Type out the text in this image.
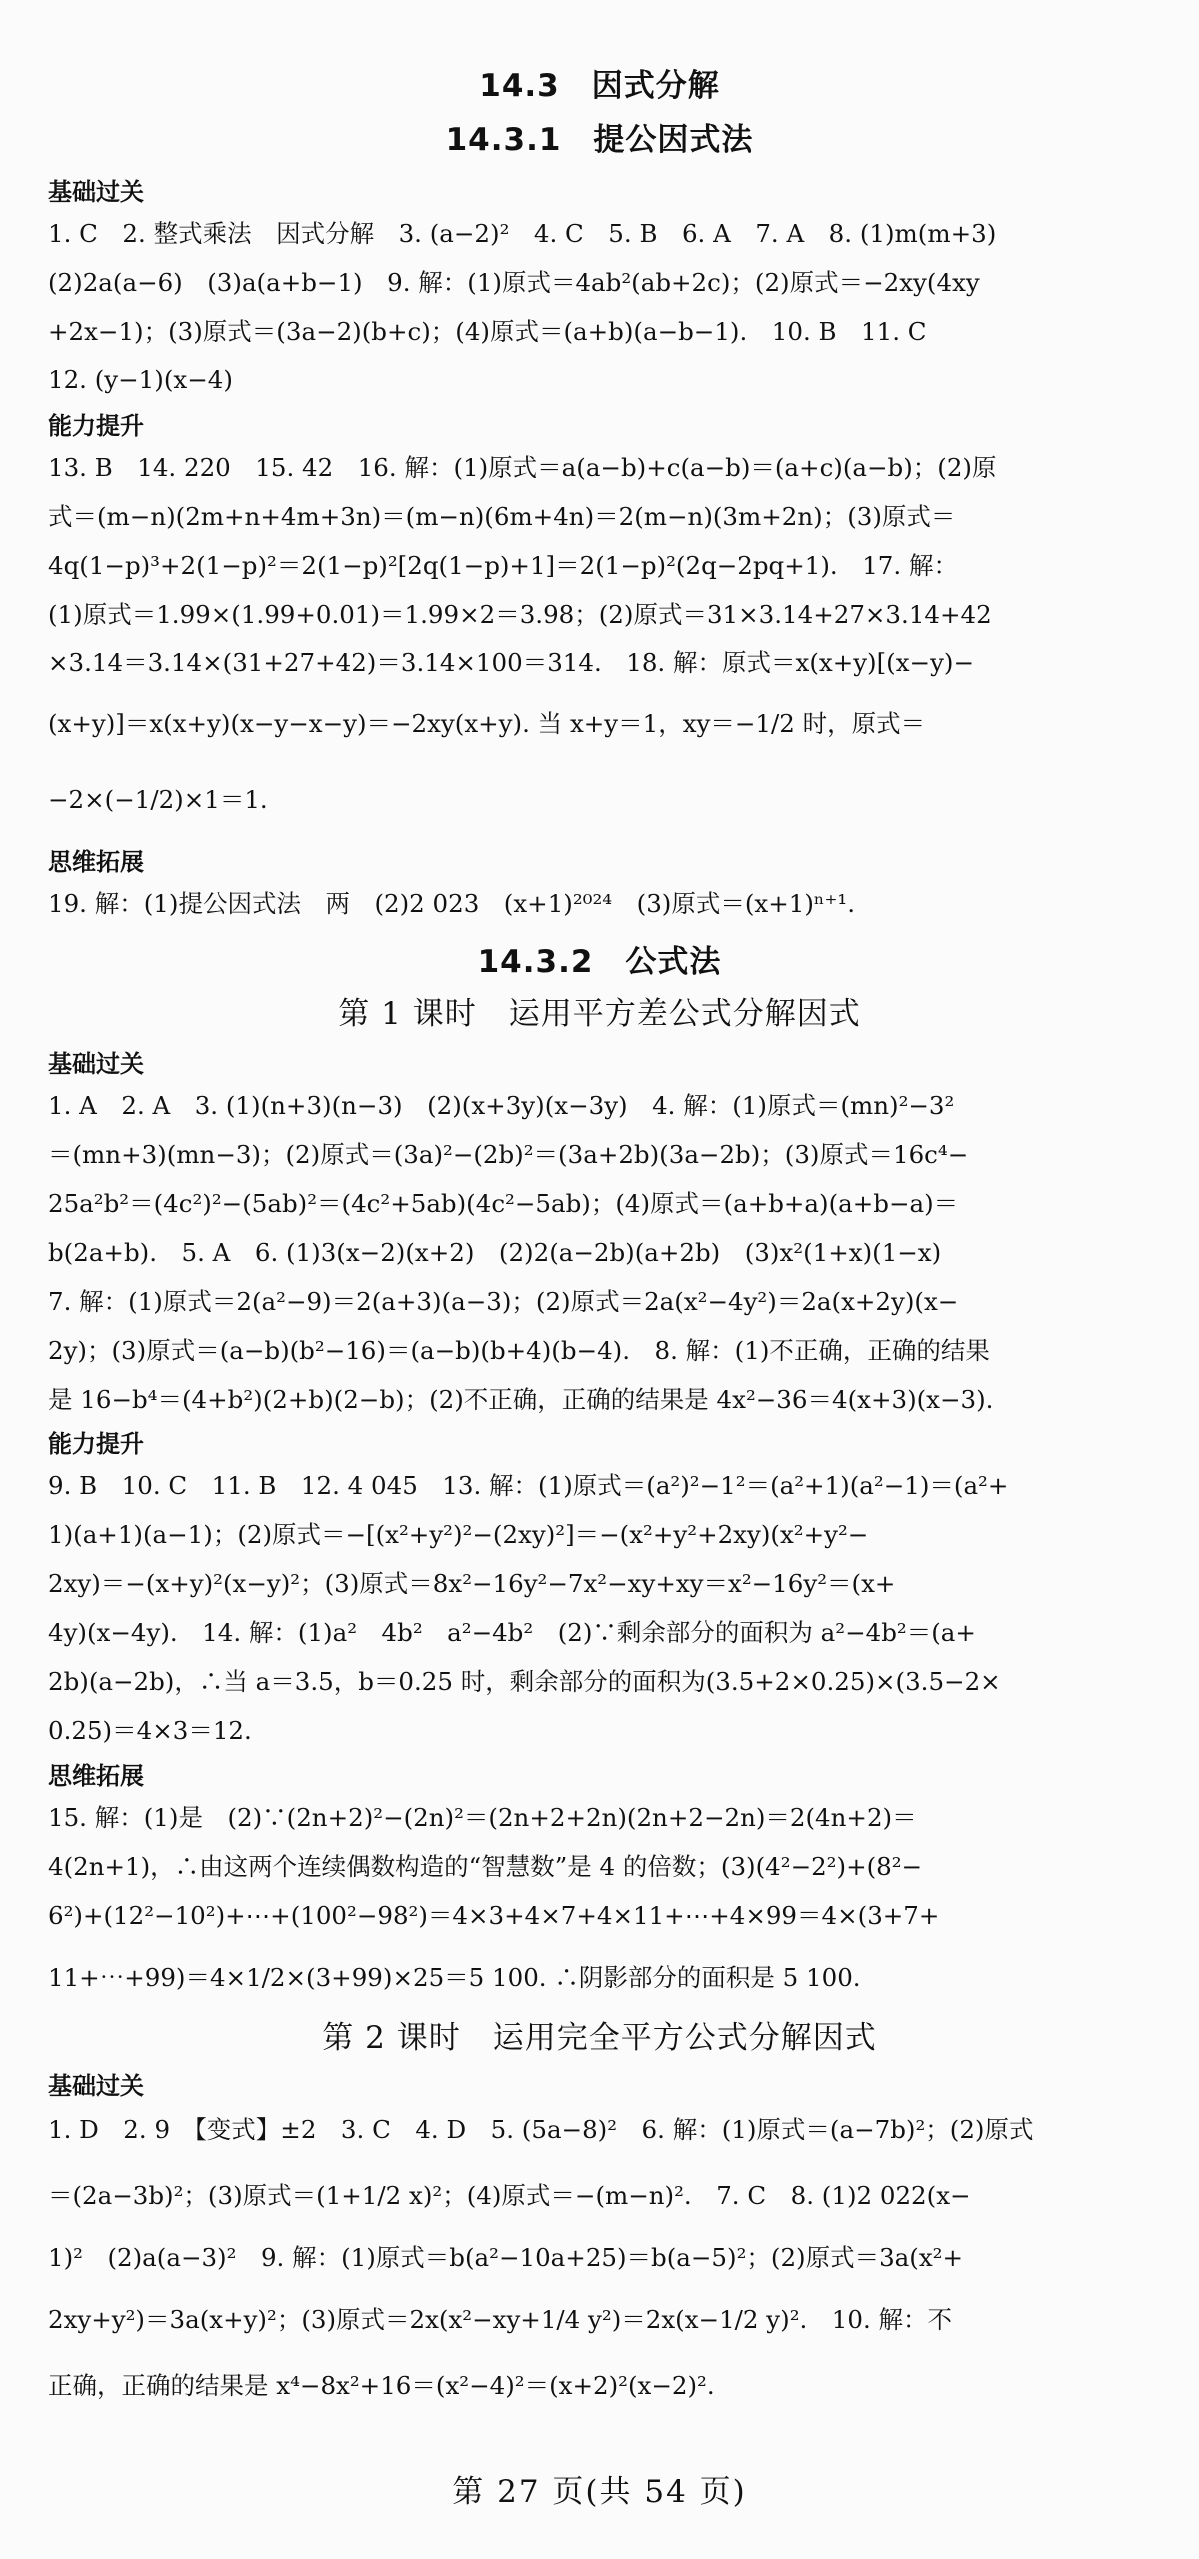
14.3　因式分解
14.3.1　提公因式法
基础过关
1. C　2. 整式乘法　因式分解　3. (a−2)²　4. C　5. B　6. A　7. A　8. (1)m(m+3)
(2)2a(a−6)　(3)a(a+b−1)　9. 解：(1)原式＝4ab²(ab+2c)；(2)原式＝−2xy(4xy
+2x−1)；(3)原式＝(3a−2)(b+c)；(4)原式＝(a+b)(a−b−1).　10. B　11. C
12. (y−1)(x−4)
能力提升
13. B　14. 220　15. 42　16. 解：(1)原式＝a(a−b)+c(a−b)＝(a+c)(a−b)；(2)原
式＝(m−n)(2m+n+4m+3n)＝(m−n)(6m+4n)＝2(m−n)(3m+2n)；(3)原式＝
4q(1−p)³+2(1−p)²＝2(1−p)²[2q(1−p)+1]＝2(1−p)²(2q−2pq+1).　17. 解：
(1)原式＝1.99×(1.99+0.01)＝1.99×2＝3.98；(2)原式＝31×3.14+27×3.14+42
×3.14＝3.14×(31+27+42)＝3.14×100＝314.　18. 解：原式＝x(x+y)[(x−y)−
(x+y)]＝x(x+y)(x−y−x−y)＝−2xy(x+y). 当 x+y＝1，xy＝−1/2 时，原式＝
−2×(−1/2)×1＝1.
思维拓展
19. 解：(1)提公因式法　两　(2)2 023　(x+1)²⁰²⁴　(3)原式＝(x+1)ⁿ⁺¹.
14.3.2　公式法
第 1 课时　运用平方差公式分解因式
基础过关
1. A　2. A　3. (1)(n+3)(n−3)　(2)(x+3y)(x−3y)　4. 解：(1)原式＝(mn)²−3²
＝(mn+3)(mn−3)；(2)原式＝(3a)²−(2b)²＝(3a+2b)(3a−2b)；(3)原式＝16c⁴−
25a²b²＝(4c²)²−(5ab)²＝(4c²+5ab)(4c²−5ab)；(4)原式＝(a+b+a)(a+b−a)＝
b(2a+b).　5. A　6. (1)3(x−2)(x+2)　(2)2(a−2b)(a+2b)　(3)x²(1+x)(1−x)
7. 解：(1)原式＝2(a²−9)＝2(a+3)(a−3)；(2)原式＝2a(x²−4y²)＝2a(x+2y)(x−
2y)；(3)原式＝(a−b)(b²−16)＝(a−b)(b+4)(b−4).　8. 解：(1)不正确，正确的结果
是 16−b⁴＝(4+b²)(2+b)(2−b)；(2)不正确，正确的结果是 4x²−36＝4(x+3)(x−3).
能力提升
9. B　10. C　11. B　12. 4 045　13. 解：(1)原式＝(a²)²−1²＝(a²+1)(a²−1)＝(a²+
1)(a+1)(a−1)；(2)原式＝−[(x²+y²)²−(2xy)²]＝−(x²+y²+2xy)(x²+y²−
2xy)＝−(x+y)²(x−y)²；(3)原式＝8x²−16y²−7x²−xy+xy＝x²−16y²＝(x+
4y)(x−4y).　14. 解：(1)a²　4b²　a²−4b²　(2)∵剩余部分的面积为 a²−4b²＝(a+
2b)(a−2b)，∴当 a＝3.5，b＝0.25 时，剩余部分的面积为(3.5+2×0.25)×(3.5−2×
0.25)＝4×3＝12.
思维拓展
15. 解：(1)是　(2)∵(2n+2)²−(2n)²＝(2n+2+2n)(2n+2−2n)＝2(4n+2)＝
4(2n+1)，∴由这两个连续偶数构造的“智慧数”是 4 的倍数；(3)(4²−2²)+(8²−
6²)+(12²−10²)+⋯+(100²−98²)＝4×3+4×7+4×11+⋯+4×99＝4×(3+7+
11+⋯+99)＝4×1/2×(3+99)×25＝5 100. ∴阴影部分的面积是 5 100.
第 2 课时　运用完全平方公式分解因式
基础过关
1. D　2. 9　【变式】±2　3. C　4. D　5. (5a−8)²　6. 解：(1)原式＝(a−7b)²；(2)原式
＝(2a−3b)²；(3)原式＝(1+1/2 x)²；(4)原式＝−(m−n)².　7. C　8. (1)2 022(x−
1)²　(2)a(a−3)²　9. 解：(1)原式＝b(a²−10a+25)＝b(a−5)²；(2)原式＝3a(x²+
2xy+y²)＝3a(x+y)²；(3)原式＝2x(x²−xy+1/4 y²)＝2x(x−1/2 y)².　10. 解：不
正确，正确的结果是 x⁴−8x²+16＝(x²−4)²＝(x+2)²(x−2)².
第 27 页(共 54 页)
